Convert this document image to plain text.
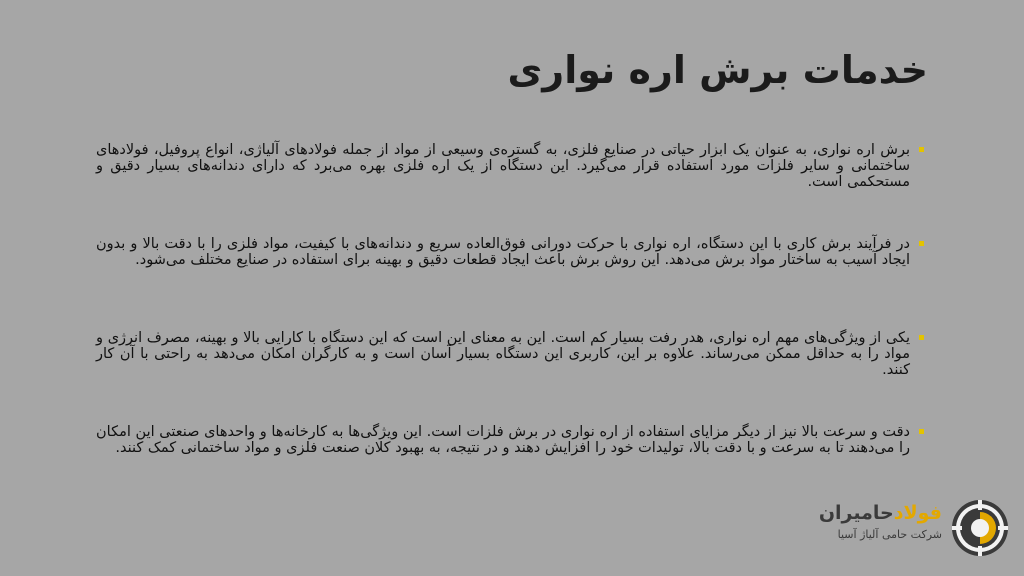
خدمات برش اره نواری

برش اره نواری، به عنوان یک ابزار حیاتی در صنایع فلزی، به گستره‌ی وسیعی از مواد از جمله فولادهای آلیاژی، انواع پروفیل، فولادهای ساختمانی و سایر فلزات مورد استفاده قرار می‌گیرد. این دستگاه از یک اره فلزی بهره می‌برد که دارای دندانه‌های بسیار دقیق و مستحکمی است.

در فرآیند برش کاری با این دستگاه، اره نواری با حرکت دورانی فوق‌العاده سریع و دندانه‌های با کیفیت، مواد فلزی را با دقت بالا و بدون ایجاد آسیب به ساختار مواد برش می‌دهد. این روش برش باعث ایجاد قطعات دقیق و بهینه برای استفاده در صنایع مختلف می‌شود.

یکی از ویژگی‌های مهم اره نواری، هدر رفت بسیار کم است. این به معنای این است که این دستگاه با کارایی بالا و بهینه، مصرف انرژی و مواد را به حداقل ممکن می‌رساند. علاوه بر این، کاربری این دستگاه بسیار آسان است و به کارگران امکان می‌دهد به راحتی با آن کار کنند.

دقت و سرعت بالا نیز از دیگر مزایای استفاده از اره نواری در برش فلزات است. این ویژگی‌ها به کارخانه‌ها و واحدهای صنعتی این امکان را می‌دهند تا به سرعت و با دقت بالا، تولیدات خود را افزایش دهند و در نتیجه، به بهبود کلان صنعت فلزی و مواد ساختمانی کمک کنند.

فولادحامیران
شرکت حامی آلیاژ آسیا
